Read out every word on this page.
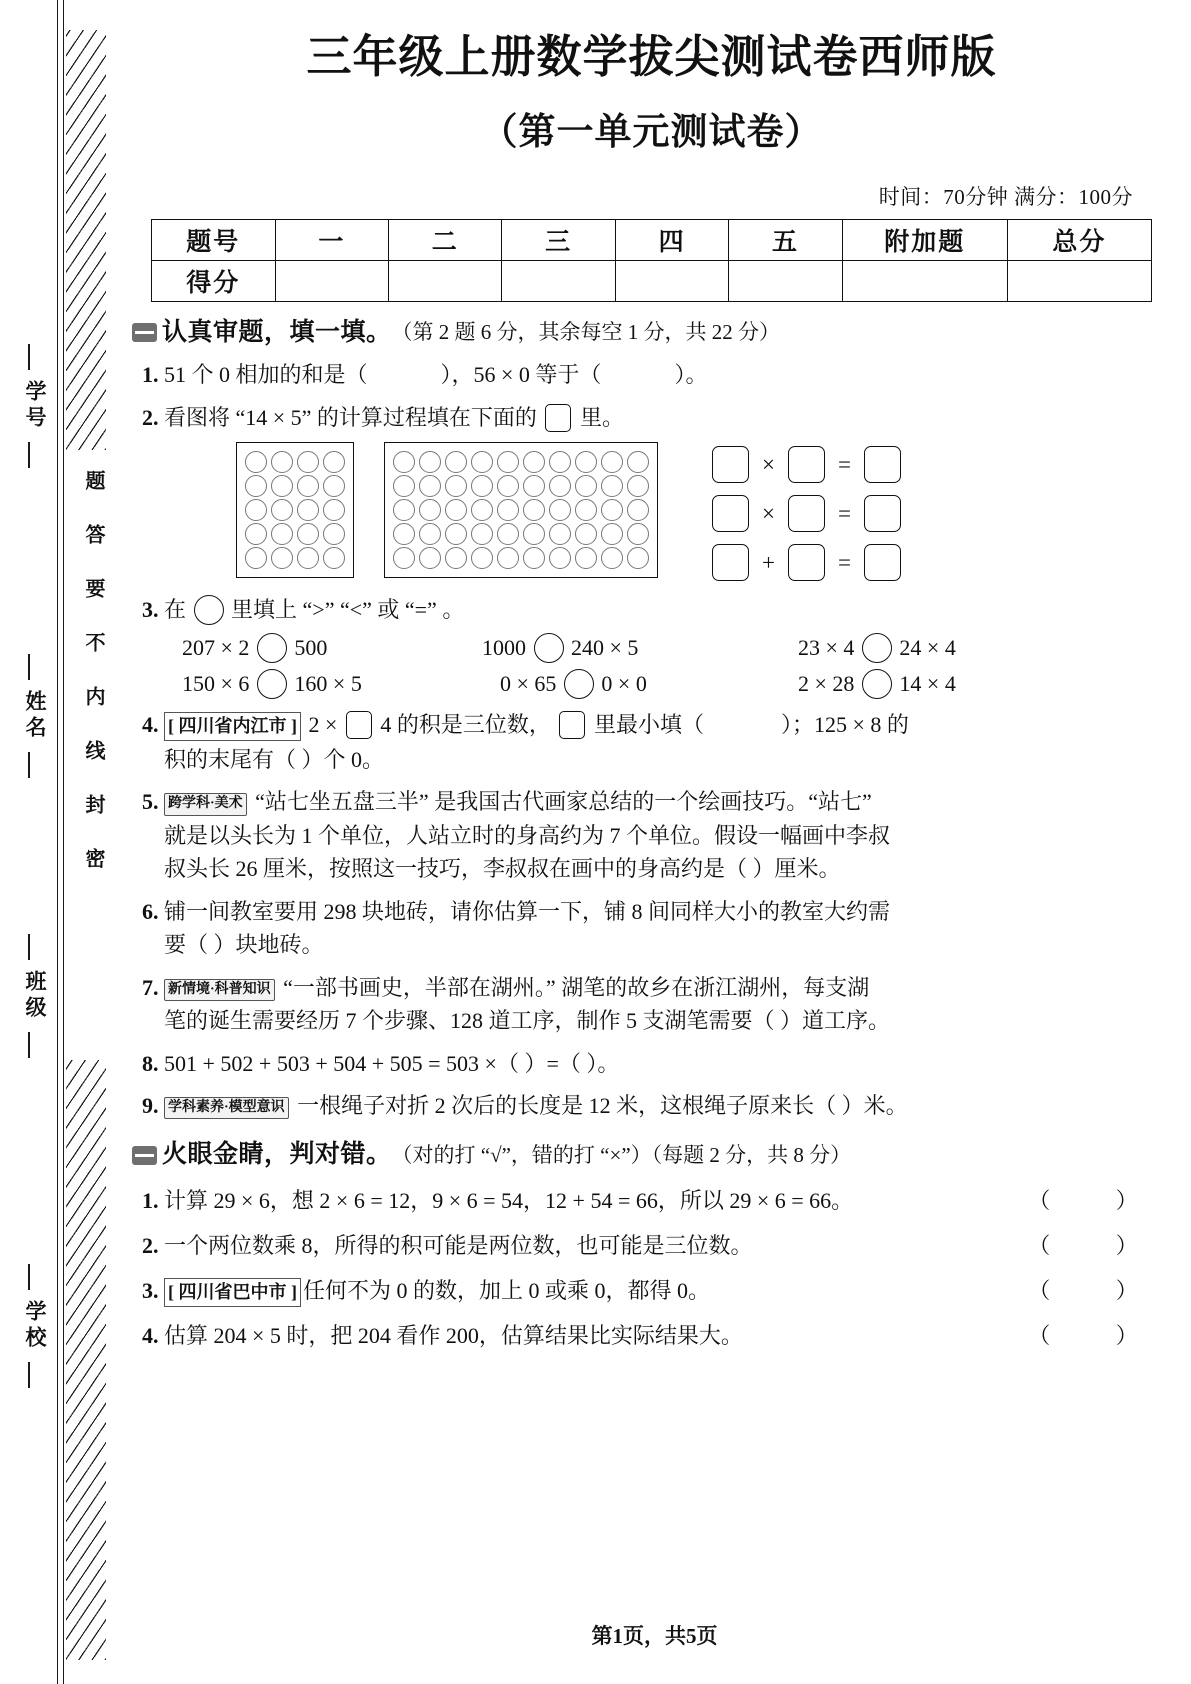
学号
姓名
班级
学校
题答要不内线封密
三年级上册数学拔尖测试卷西师版
（第一单元测试卷）
时间：70分钟 满分：100分
题号	一	二	三	四	五	附加题	总分
得分							
认真审题，填一填。 （第 2 题 6 分，其余每空 1 分，共 22 分）
1. 51 个 0 相加的和是（	），56 × 0 等于（	）。
2. 看图将 “14 × 5” 的计算过程填在下面的 里。
×	=
×	=
+	=
3. 在 里填上 “>” “<” 或 “=” 。
207 × 2 500	1000 240 × 5	23 × 4 24 × 4
150 × 6 160 × 5	0 × 65 0 × 0	2 × 28 14 × 4
4. [ 四川省内江市 ] 2 × 4 的积是三位数， 里最小填（	）；125 × 8 的
积的末尾有（ ）个 0。
5. 跨学科·美术 “站七坐五盘三半” 是我国古代画家总结的一个绘画技巧。“站七”
就是以头长为 1 个单位，人站立时的身高约为 7 个单位。假设一幅画中李叔
叔头长 26 厘米，按照这一技巧，李叔叔在画中的身高约是（ ）厘米。
6. 铺一间教室要用 298 块地砖，请你估算一下，铺 8 间同样大小的教室大约需
要（ ）块地砖。
7. 新情境·科普知识 “一部书画史，半部在湖州。” 湖笔的故乡在浙江湖州，每支湖
笔的诞生需要经历 7 个步骤、128 道工序，制作 5 支湖笔需要（ ）道工序。
8. 501 + 502 + 503 + 504 + 505 = 503 ×（ ）=（ ）。
9. 学科素养·模型意识 一根绳子对折 2 次后的长度是 12 米，这根绳子原来长（ ）米。
火眼金睛，判对错。 （对的打 “√”，错的打 “×”）（每题 2 分，共 8 分）
1. 计算 29 × 6，想 2 × 6 = 12，9 × 6 = 54，12 + 54 = 66，所以 29 × 6 = 66。	（ ）
2. 一个两位数乘 8，所得的积可能是两位数，也可能是三位数。	（ ）
3. [ 四川省巴中市 ] 任何不为 0 的数，加上 0 或乘 0，都得 0。	（ ）
4. 估算 204 × 5 时，把 204 看作 200，估算结果比实际结果大。	（ ）
第1页，共5页
